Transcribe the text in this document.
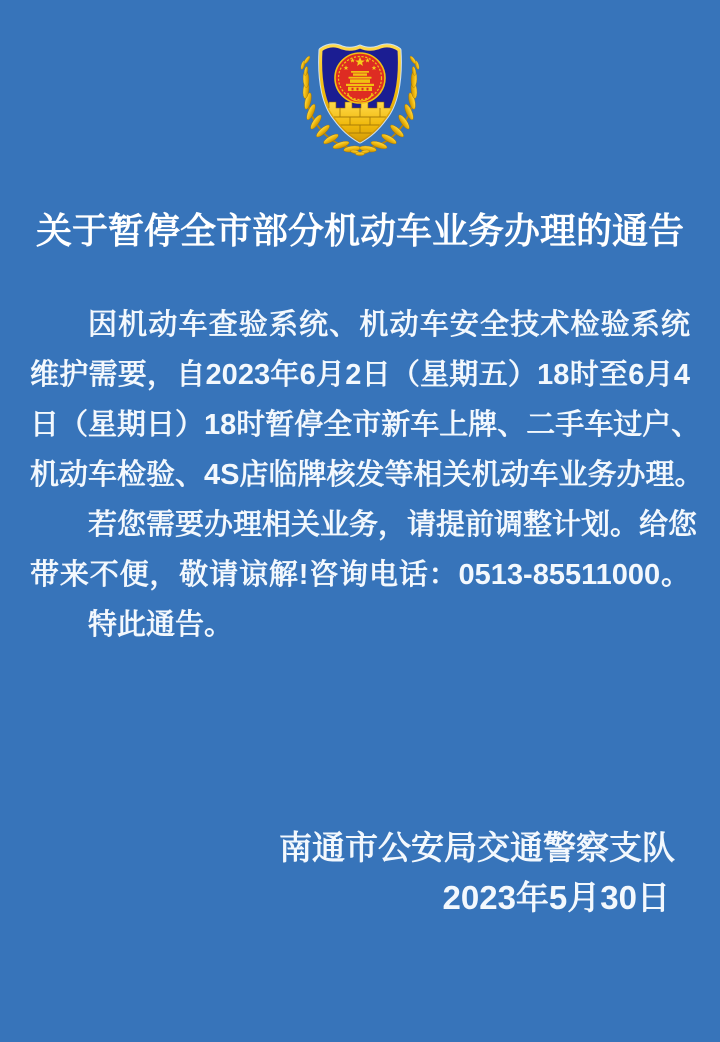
关于暂停全市部分机动车业务办理的通告
因机动车查验系统、机动车安全技术检验系统
维护需要，自2023年6月2日（星期五）18时至6月4
日（星期日）18时暂停全市新车上牌、二手车过户、
机动车检验、4S店临牌核发等相关机动车业务办理。
若您需要办理相关业务，请提前调整计划。给您
带来不便，敬请谅解!咨询电话：0513-85511000。
特此通告。
南通市公安局交通警察支队
2023年5月30日
